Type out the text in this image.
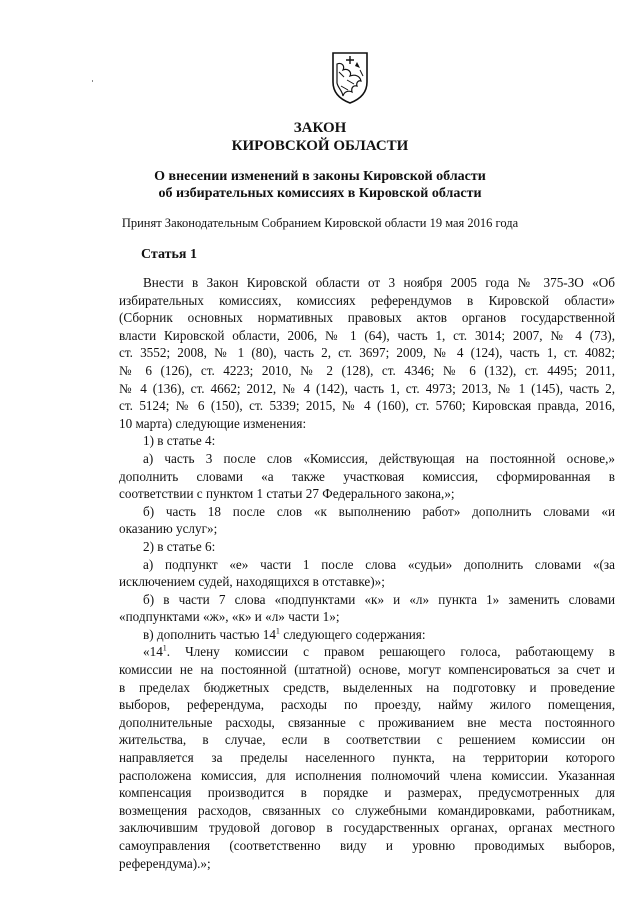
ЗАКОН
КИРОВСКОЙ ОБЛАСТИ
О внесении изменений в законы Кировской области
об избирательных комиссиях в Кировской области
Принят Законодательным Собранием Кировской области 19 мая 2016 года
Статья 1

Внести в Закон Кировской области от 3 ноября 2005 года № 375-ЗО «Об

избирательных комиссиях, комиссиях референдумов в Кировской области»

(Сборник основных нормативных правовых актов органов государственной

власти Кировской области, 2006, № 1 (64), часть 1, ст. 3014; 2007, № 4 (73),

ст. 3552; 2008, № 1 (80), часть 2, ст. 3697; 2009, № 4 (124), часть 1, ст. 4082;

№ 6 (126), ст. 4223; 2010, № 2 (128), ст. 4346; № 6 (132), ст. 4495; 2011,

№ 4 (136), ст. 4662; 2012, № 4 (142), часть 1, ст. 4973; 2013, № 1 (145), часть 2,

ст. 5124; № 6 (150), ст. 5339; 2015, № 4 (160), ст. 5760; Кировская правда, 2016,

10 марта) следующие изменения:

1) в статье 4:

а) часть 3 после слов «Комиссия, действующая на постоянной основе,»

дополнить словами «а также участковая комиссия, сформированная в

соответствии с пунктом 1 статьи 27 Федерального закона,»;

б) часть 18 после слов «к выполнению работ» дополнить словами «и

оказанию услуг»;

2) в статье 6:

а) подпункт «е» части 1 после слова «судьи» дополнить словами «(за

исключением судей, находящихся в отставке)»;

б) в части 7 слова «подпунктами «к» и «л» пункта 1» заменить словами

«подпунктами «ж», «к» и «л» части 1»;

в) дополнить частью $14^1$ следующего содержания:

«$14^1$. Члену комиссии с правом решающего голоса, работающему в

комиссии не на постоянной (штатной) основе, могут компенсироваться за счет и

в пределах бюджетных средств, выделенных на подготовку и проведение

выборов, референдума, расходы по проезду, найму жилого помещения,

дополнительные расходы, связанные с проживанием вне места постоянного

жительства, в случае, если в соответствии с решением комиссии он

направляется за пределы населенного пункта, на территории которого

расположена комиссия, для исполнения полномочий члена комиссии. Указанная

компенсация производится в порядке и размерах, предусмотренных для

возмещения расходов, связанных со служебными командировками, работникам,

заключившим трудовой договор в государственных органах, органах местного

самоуправления (соответственно виду и уровню проводимых выборов,

референдума).»;
